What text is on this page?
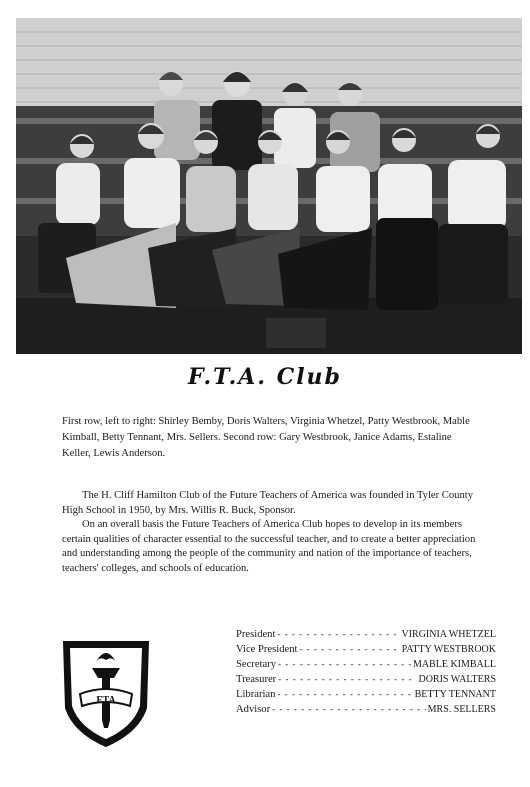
F.T.A. Club
First row, left to right: Shirley Bemby, Doris Walters, Virginia Whetzel, Patty Westbrook, Mable Kimball, Betty Tennant, Mrs. Sellers. Second row: Gary Westbrook, Janice Adams, Estaline Keller, Lewis Anderson.

The H. Cliff Hamilton Club of the Future Teachers of America was founded in Tyler County High School in 1950, by Mrs. Willis R. Buck, Sponsor.

On an overall basis the Future Teachers of America Club hopes to develop in its members certain qualities of character essential to the successful teacher, and to create a better appreciation and understanding among the people of the community and nation of the importance of teachers, teachers' colleges, and schools of education.

FTA
President - - -	VIRGINIA WHETZEL
Vice President - - -	PATTY WESTBROOK
Secretary - - -	MABLE KIMBALL
Treasurer - - -	DORIS WALTERS
Librarian - - -	BETTY TENNANT
Advisor - - -	MRS. SELLERS
